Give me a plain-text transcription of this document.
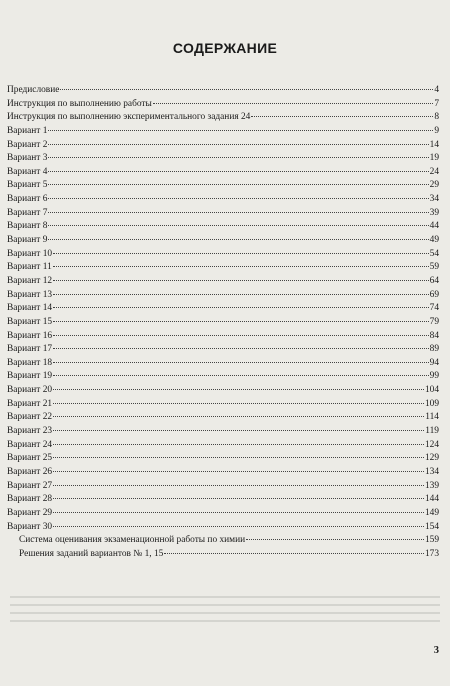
СОДЕРЖАНИЕ
Предисловие	4
Инструкция по выполнению работы	7
Инструкция по выполнению экспериментального задания 24	8
Вариант 1	9
Вариант 2	14
Вариант 3	19
Вариант 4	24
Вариант 5	29
Вариант 6	34
Вариант 7	39
Вариант 8	44
Вариант 9	49
Вариант 10	54
Вариант 11	59
Вариант 12	64
Вариант 13	69
Вариант 14	74
Вариант 15	79
Вариант 16	84
Вариант 17	89
Вариант 18	94
Вариант 19	99
Вариант 20	104
Вариант 21	109
Вариант 22	114
Вариант 23	119
Вариант 24	124
Вариант 25	129
Вариант 26	134
Вариант 27	139
Вариант 28	144
Вариант 29	149
Вариант 30	154
Система оценивания экзаменационной работы по химии	159
Решения заданий вариантов № 1, 15	173
3
